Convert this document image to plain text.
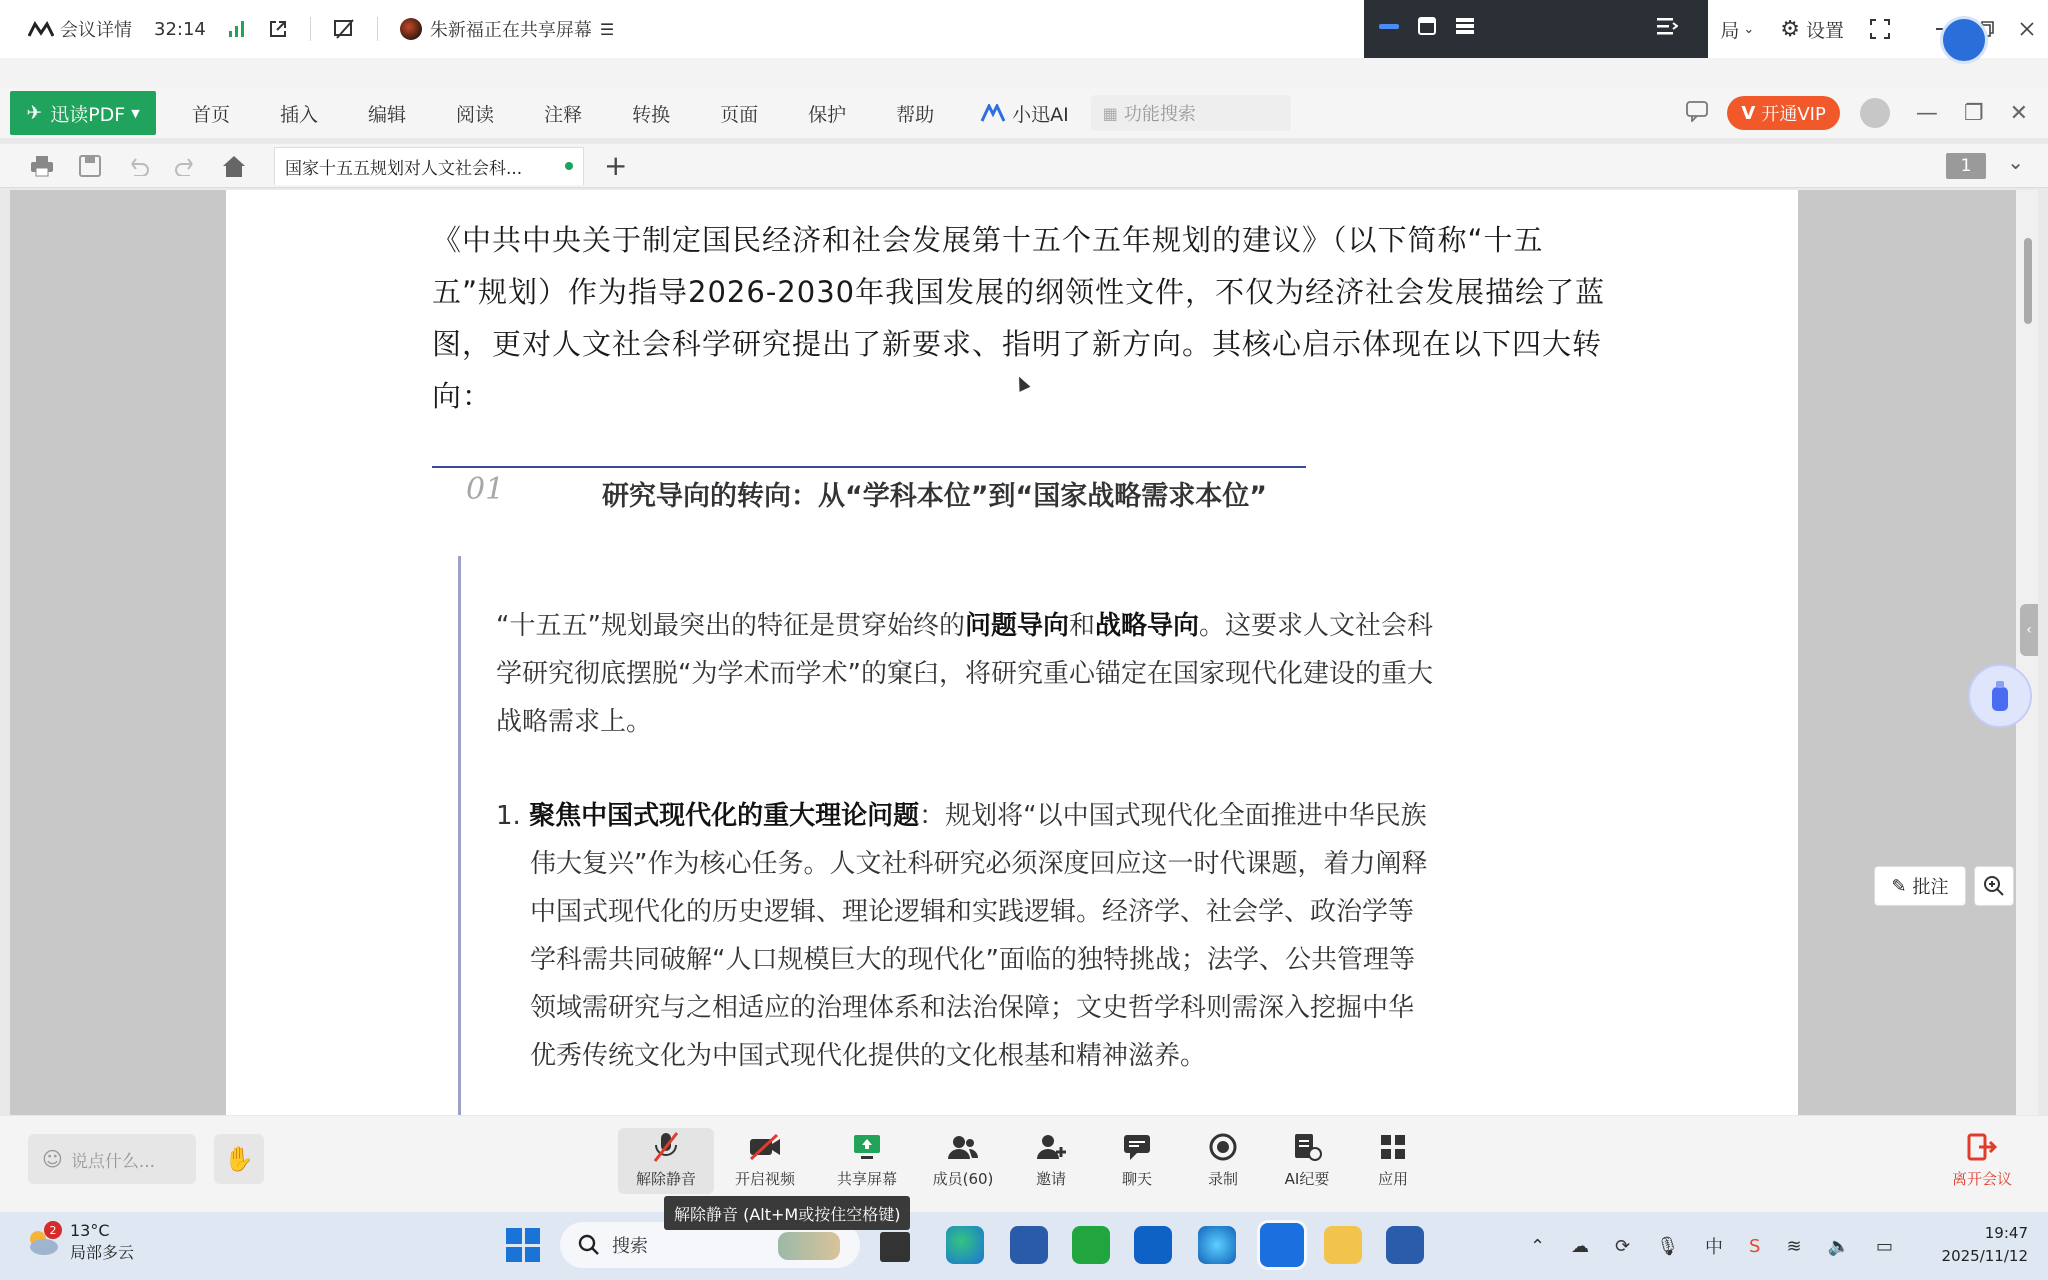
会议详情 32:14	朱新福正在共享屏幕 ☰	局 ⌄ ⚙ 设置
✈ 迅读PDF ▼	首页	插入	编辑	阅读	注释	转换	页面	保护	帮助	小迅AI ▦ 功能搜索	V 开通VIP	— ❐ ✕
国家十五五规划对人文社会科...	+	1	⌄
《中共中央关于制定国民经济和社会发展第十五个五年规划的建议》（以下简称“十五五”规划）作为指导2026-2030年我国发展的纲领性文件，不仅为经济社会发展描绘了蓝图，更对人文社会科学研究提出了新要求、指明了新方向。其核心启示体现在以下四大转向：
01	研究导向的转向：从“学科本位”到“国家战略需求本位”
“十五五”规划最突出的特征是贯穿始终的问题导向和战略导向。这要求人文社会科学研究彻底摆脱“为学术而学术”的窠臼，将研究重心锚定在国家现代化建设的重大战略需求上。
1. 聚焦中国式现代化的重大理论问题：规划将“以中国式现代化全面推进中华民族伟大复兴”作为核心任务。人文社科研究必须深度回应这一时代课题，着力阐释中国式现代化的历史逻辑、理论逻辑和实践逻辑。经济学、社会学、政治学等学科需共同破解“人口规模巨大的现代化”面临的独特挑战；法学、公共管理等领域需研究与之相适应的治理体系和法治保障；文史哲学科则需深入挖掘中华优秀传统文化为中国式现代化提供的文化根基和精神滋养。
‹
✎ 批注
☺ 说点什么...	✋
解除静音	开启视频	共享屏幕	成员(60)	邀请	聊天	录制	AI纪要	应用	离开会议
解除静音 (Alt+M或按住空格键)
2 13°C
局部多云	搜索	⌃ ☁ ⟳ 🎙 中 S ≋ 🔈 ▭
19:47
2025/11/12
